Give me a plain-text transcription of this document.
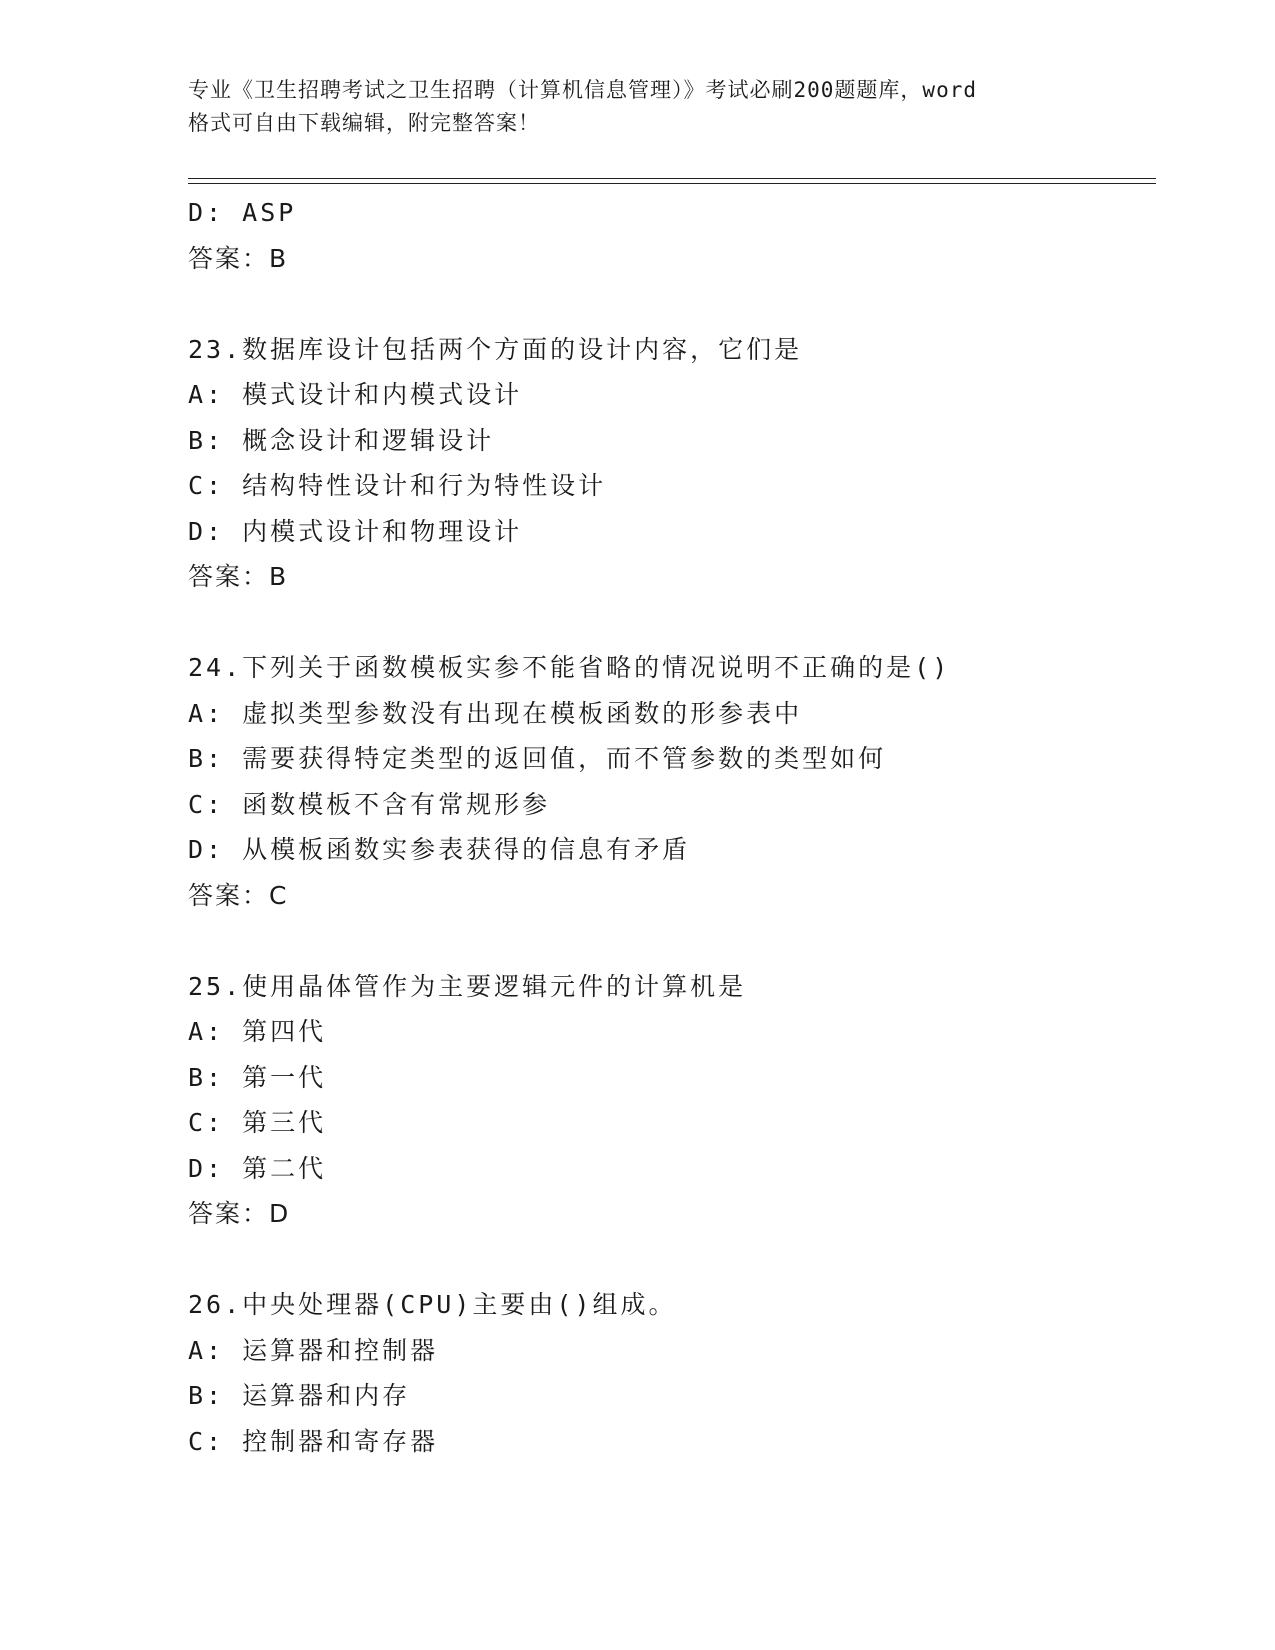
专业《卫生招聘考试之卫生招聘（计算机信息管理）》考试必刷200题题库，word
格式可自由下载编辑，附完整答案！
D: ASP
答案：B
23.数据库设计包括两个方面的设计内容，它们是
A: 模式设计和内模式设计
B: 概念设计和逻辑设计
C: 结构特性设计和行为特性设计
D: 内模式设计和物理设计
答案：B
24.下列关于函数模板实参不能省略的情况说明不正确的是()
A: 虚拟类型参数没有出现在模板函数的形参表中
B: 需要获得特定类型的返回值，而不管参数的类型如何
C: 函数模板不含有常规形参
D: 从模板函数实参表获得的信息有矛盾
答案：C
25.使用晶体管作为主要逻辑元件的计算机是
A: 第四代
B: 第一代
C: 第三代
D: 第二代
答案：D
26.中央处理器(CPU)主要由()组成。
A: 运算器和控制器
B: 运算器和内存
C: 控制器和寄存器
